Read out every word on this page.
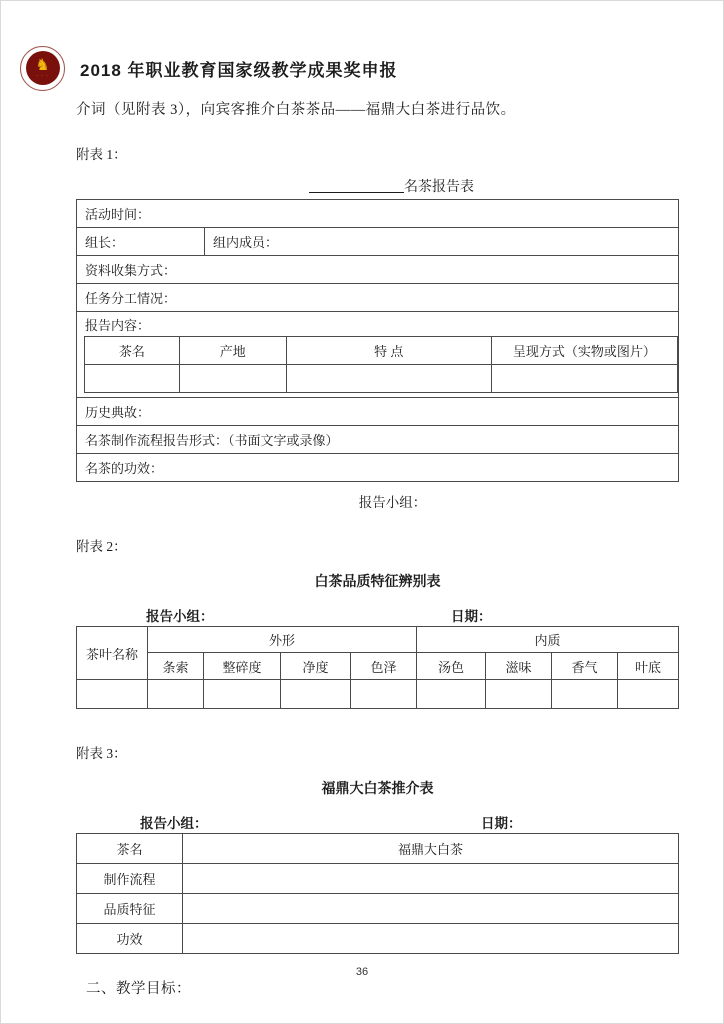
♞
· · · 2018 年职业教育国家级教学成果奖申报

介词（见附表 3），向宾客推介白茶茶品——福鼎大白茶进行品饮。

附表 1：
名茶报告表
活动时间：
组长：	组内成员：
资料收集方式：
任务分工情况：

报告内容：
茶名	产地	特 点	呈现方式（实物或图片）

历史典故：
名茶制作流程报告形式：（书面文字或录像）
名茶的功效：
报告小组：
附表 2：
白茶品质特征辨别表
报告小组：	日期：
茶叶名称	外形				内质			
	条索	整碎度	净度	色泽	汤色	滋味	香气	叶底

附表 3：
福鼎大白茶推介表
报告小组：	日期：
茶名	福鼎大白茶
制作流程	
品质特征	
功效	
二、教学目标：
36
